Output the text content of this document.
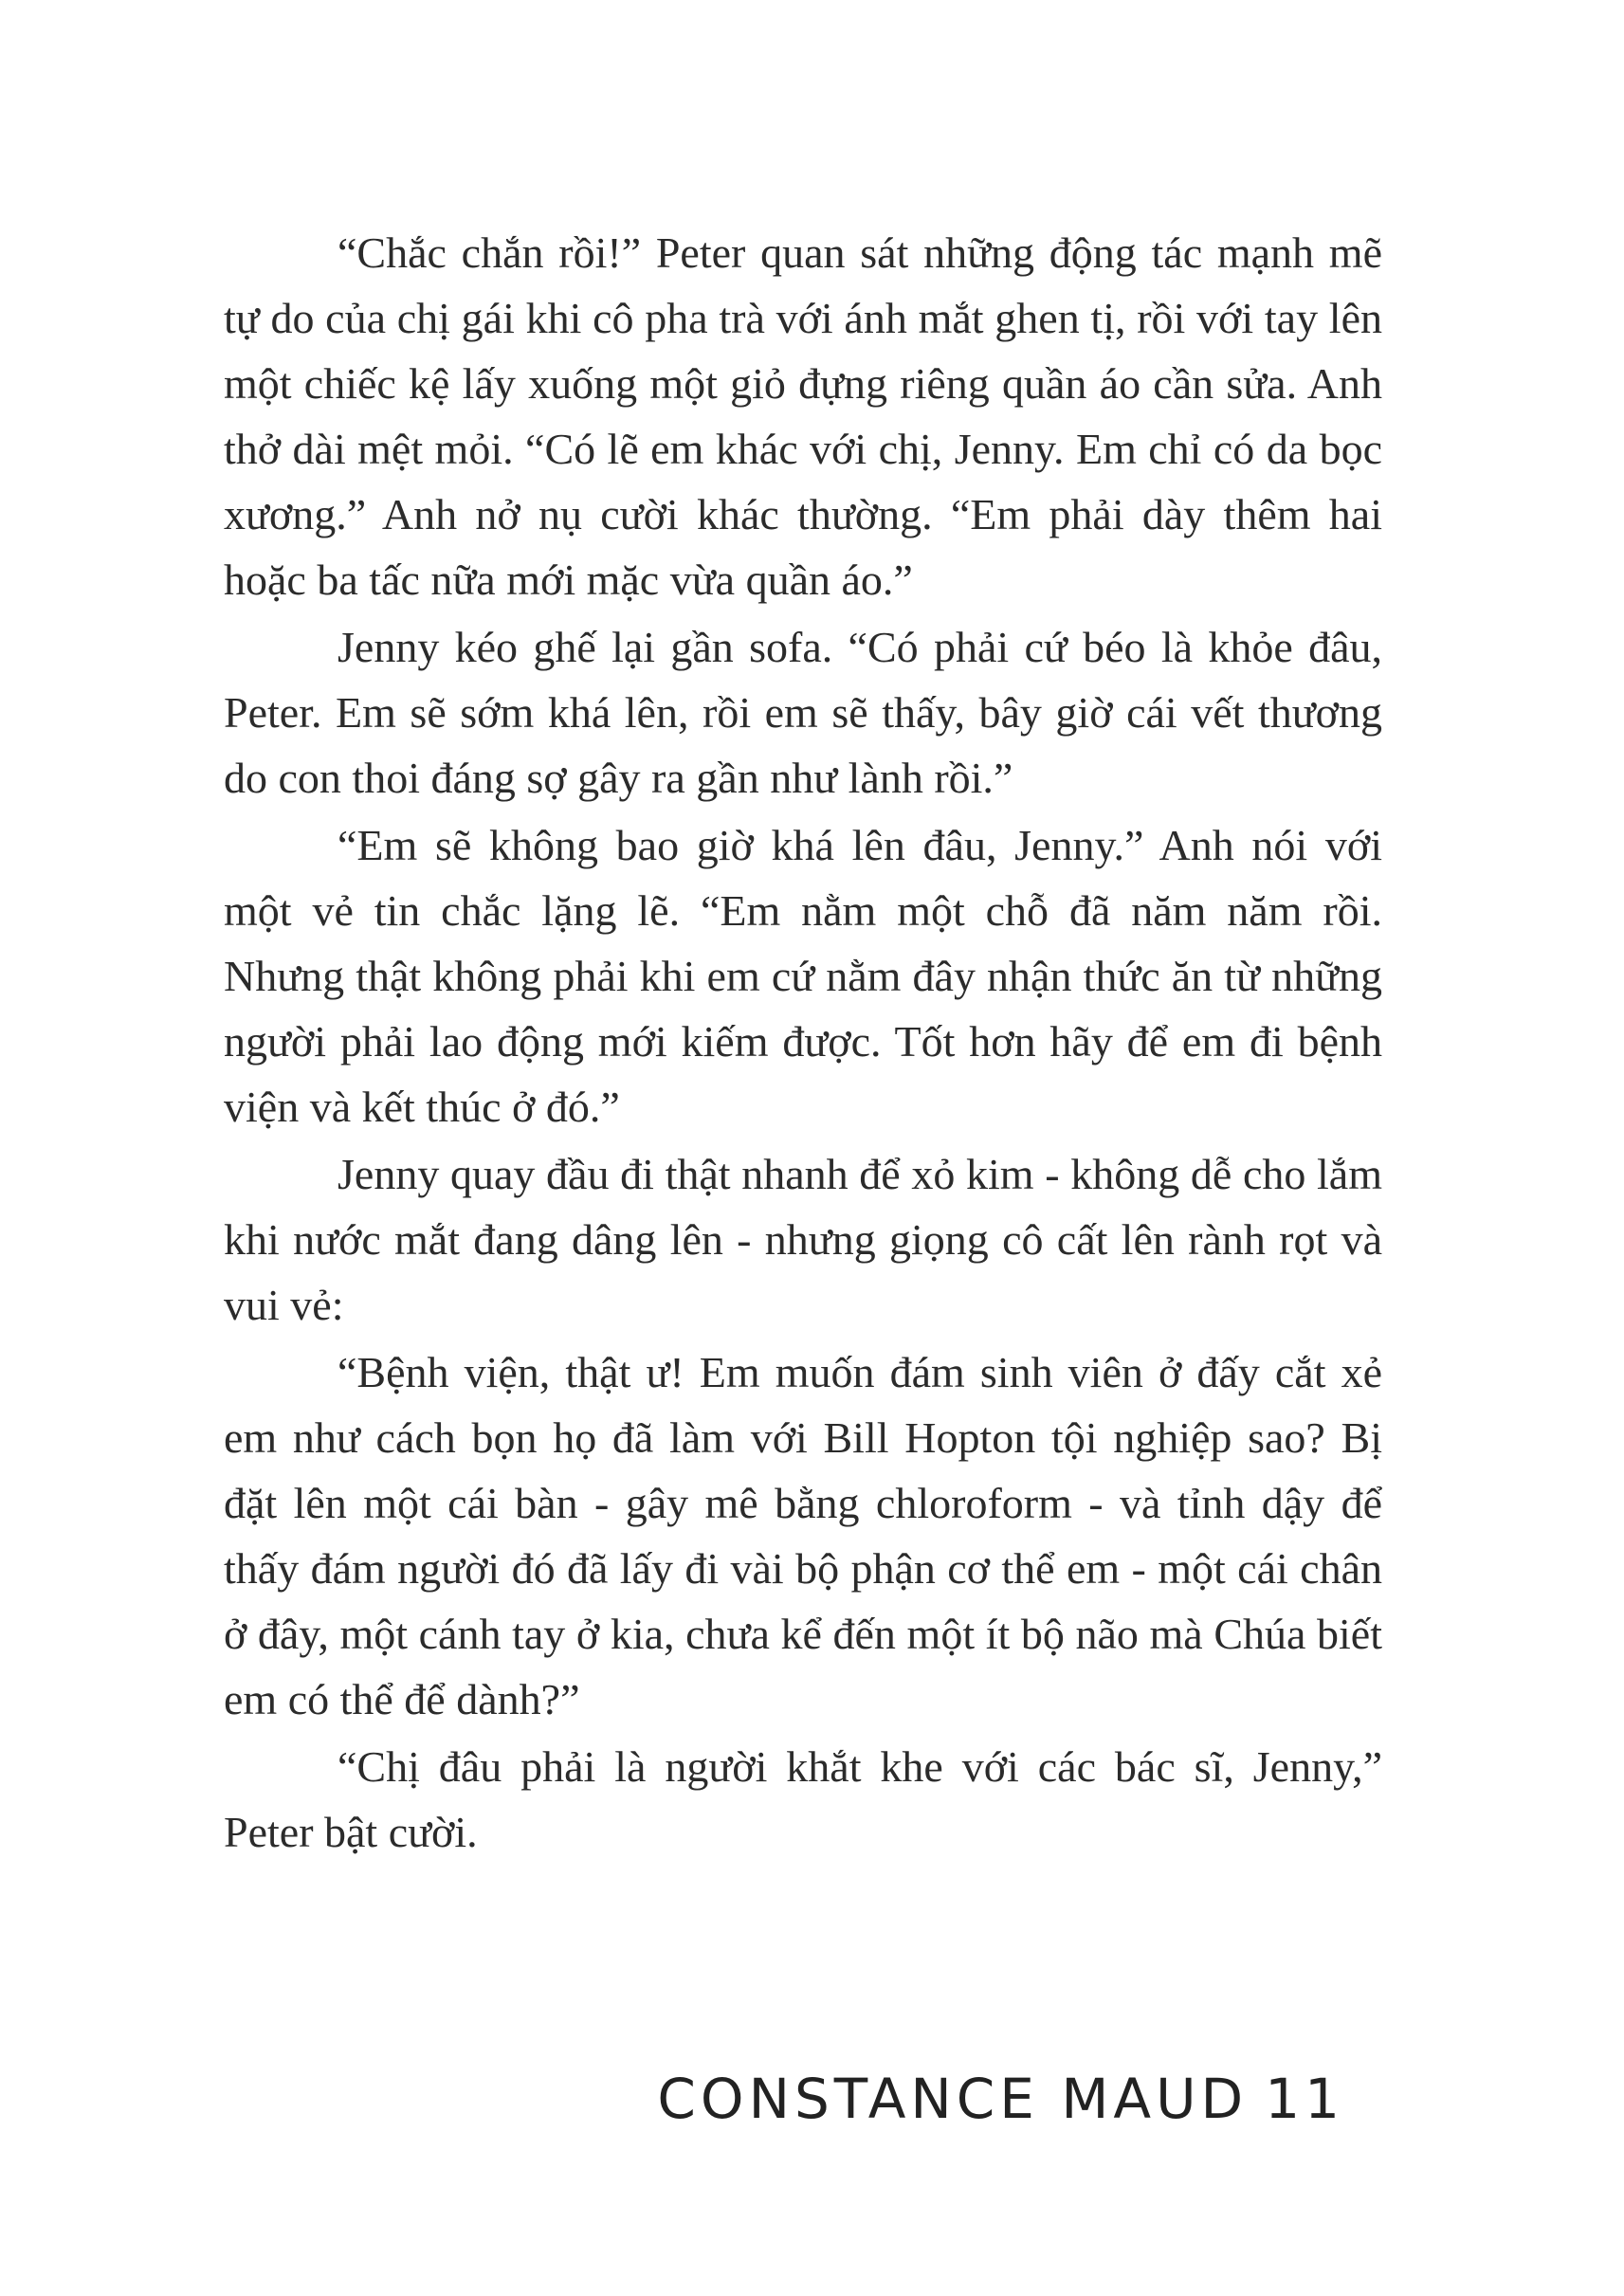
“Chắc chắn rồi!” Peter quan sát những động tác mạnh mẽ tự do của chị gái khi cô pha trà với ánh mắt ghen tị, rồi với tay lên một chiếc kệ lấy xuống một giỏ đựng riêng quần áo cần sửa. Anh thở dài mệt mỏi. “Có lẽ em khác với chị, Jenny. Em chỉ có da bọc xương.” Anh nở nụ cười khác thường. “Em phải dày thêm hai hoặc ba tấc nữa mới mặc vừa quần áo.”

Jenny kéo ghế lại gần sofa. “Có phải cứ béo là khỏe đâu, Peter. Em sẽ sớm khá lên, rồi em sẽ thấy, bây giờ cái vết thương do con thoi đáng sợ gây ra gần như lành rồi.”

“Em sẽ không bao giờ khá lên đâu, Jenny.” Anh nói với một vẻ tin chắc lặng lẽ. “Em nằm một chỗ đã năm năm rồi. Nhưng thật không phải khi em cứ nằm đây nhận thức ăn từ những người phải lao động mới kiếm được. Tốt hơn hãy để em đi bệnh viện và kết thúc ở đó.”

Jenny quay đầu đi thật nhanh để xỏ kim - không dễ cho lắm khi nước mắt đang dâng lên - nhưng giọng cô cất lên rành rọt và vui vẻ:

“Bệnh viện, thật ư! Em muốn đám sinh viên ở đấy cắt xẻ em như cách bọn họ đã làm với Bill Hopton tội nghiệp sao? Bị đặt lên một cái bàn - gây mê bằng chloroform - và tỉnh dậy để thấy đám người đó đã lấy đi vài bộ phận cơ thể em - một cái chân ở đây, một cánh tay ở kia, chưa kể đến một ít bộ não mà Chúa biết em có thể để dành?”

“Chị đâu phải là người khắt khe với các bác sĩ, Jenny,” Peter bật cười.

CONSTANCE MAUD 11
